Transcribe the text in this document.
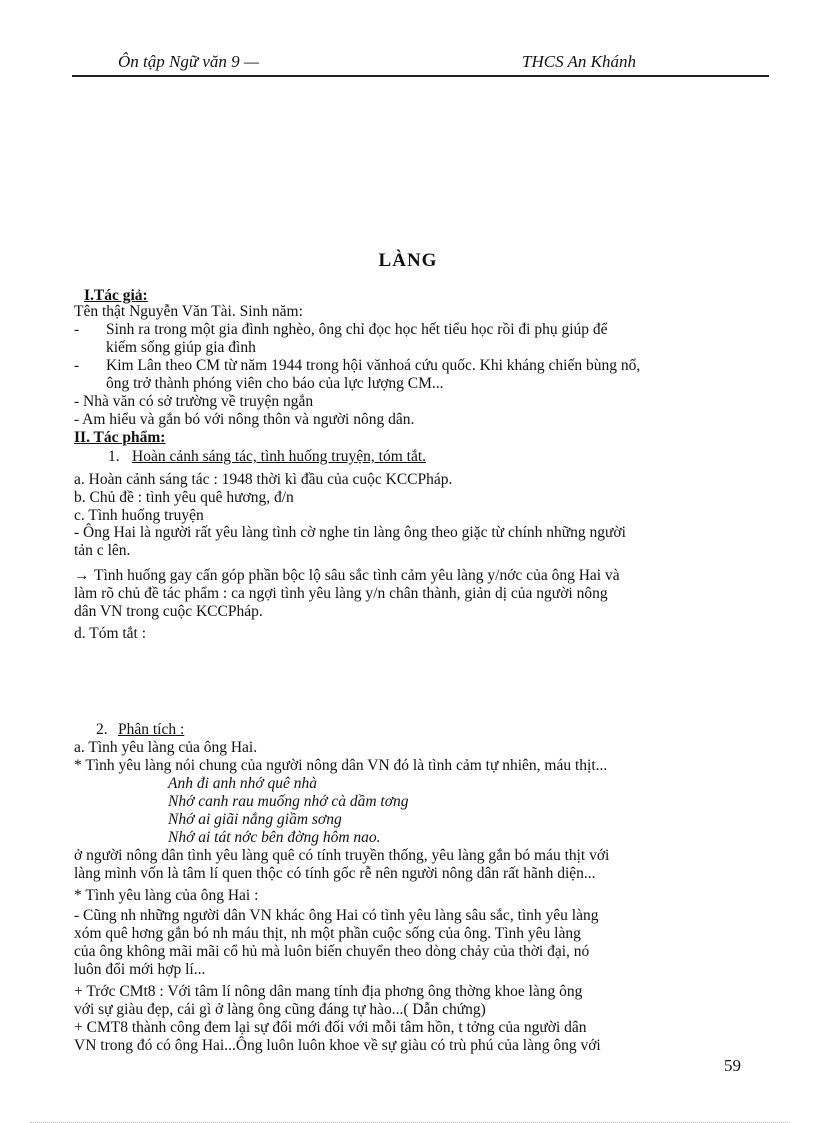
Ôn tập Ngữ văn 9 —	THCS An Khánh
LÀNG
I.Tác giả:
Tên thật Nguyễn Văn Tài. Sinh năm:
- Sinh ra trong một gia đình nghèo, ông chỉ đọc học hết tiểu học rồi đi phụ giúp để
kiếm sống giúp gia đình
- Kim Lân theo CM từ năm 1944 trong hội vănhoá cứu quốc. Khi kháng chiến bùng nổ,
ông trở thành phóng viên cho báo của lực lượng CM...
- Nhà văn có sở trường về truyện ngắn
- Am hiểu và gắn bó với nông thôn và người nông dân.
II. Tác phẩm:
1. Hoàn cảnh sáng tác, tình huống truyện, tóm tắt.
a. Hoàn cảnh sáng tác : 1948 thời kì đầu của cuộc KCCPháp.
b. Chủ đề : tình yêu quê hương, đ/n
c. Tình huống truyện
- Ông Hai là người rất yêu làng tình cờ nghe tin làng ông theo giặc từ chính những người
tản c lên.
→ Tình huống gay cấn góp phần bộc lộ sâu sắc tình cảm yêu làng y/nớc của ông Hai và
làm rõ chủ đề tác phẩm : ca ngợi tình yêu làng y/n chân thành, giản dị của người nông
dân VN trong cuộc KCCPháp.
d. Tóm tắt :
2. Phân tích :
a. Tình yêu làng của ông Hai.
* Tình yêu làng nói chung của người nông dân VN đó là tình cảm tự nhiên, máu thịt...
Anh đi anh nhớ quê nhà
Nhớ canh rau muống nhớ cà dầm tơng
Nhớ ai giãi nắng giầm sơng
Nhớ ai tát nớc bên đờng hôm nao.
ở người nông dân tình yêu làng quê có tính truyền thống, yêu làng gắn bó máu thịt với
làng mình vốn là tâm lí quen thộc có tính gốc rễ nên người nông dân rất hãnh diện...
* Tình yêu làng của ông Hai :
- Cũng nh những người dân VN khác ông Hai có tình yêu làng sâu sắc, tình yêu làng
xóm quê hơng gắn bó nh máu thịt, nh một phần cuộc sống của ông. Tình yêu làng
của ông không mãi mãi cổ hủ mà luôn biến chuyển theo dòng chảy của thời đại, nó
luôn đổi mới hợp lí...
+ Trớc CMt8 : Với tâm lí nông dân mang tính địa phơng ông thờng khoe làng ông
với sự giàu đẹp, cái gì ở làng ông cũng đáng tự hào...( Dẫn chứng)
+ CMT8 thành công đem lại sự đổi mới đối với mỗi tâm hồn, t tởng của người dân
VN trong đó có ông Hai...Ông luôn luôn khoe về sự giàu có trù phú của làng ông với
59
